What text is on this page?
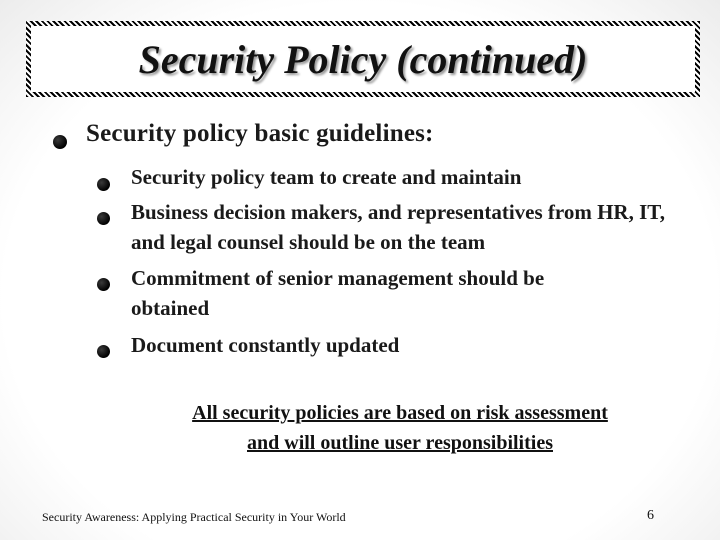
Security Policy (continued)
Security policy basic guidelines:
Security policy team to create and maintain
Business decision makers, and representatives from HR, IT, and legal counsel should be on the team
Commitment of senior management should be obtained
Document constantly updated
All security policies are based on risk assessment
and will outline user responsibilities
Security Awareness: Applying Practical Security in Your World	6
